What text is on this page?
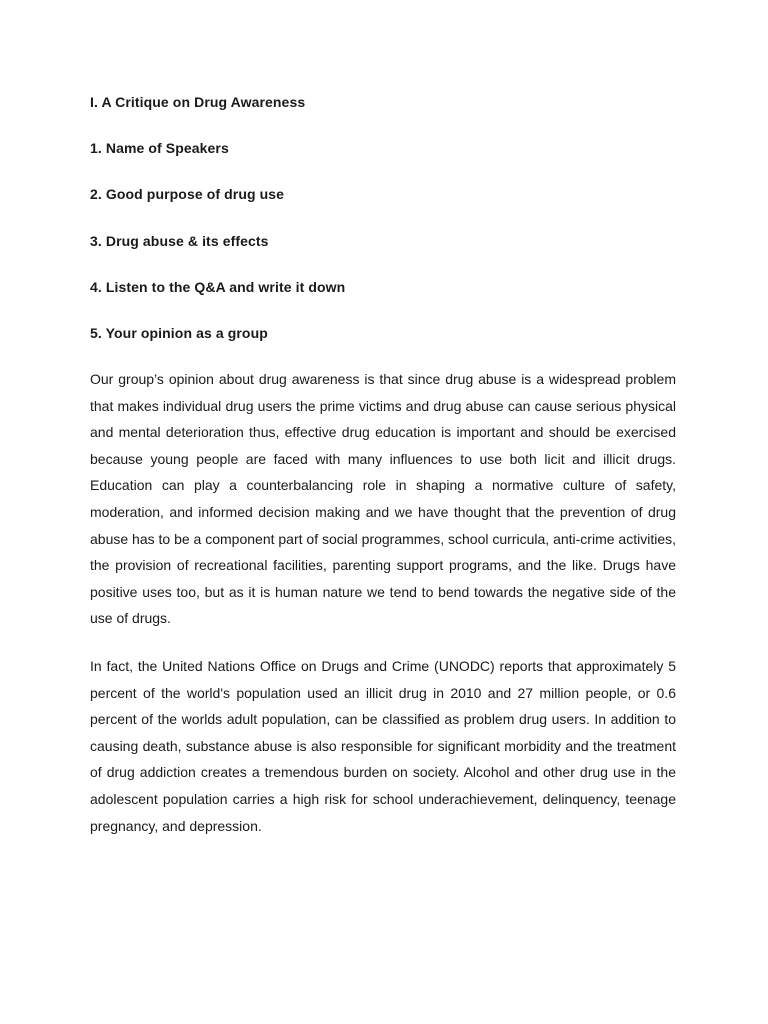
I. A Critique on Drug Awareness
1. Name of Speakers
2. Good purpose of drug use
3. Drug abuse & its effects
4. Listen to the Q&A and write it down
5. Your opinion as a group

Our group’s opinion about drug awareness is that since drug abuse is a widespread problem that makes individual drug users the prime victims and drug abuse can cause serious physical and mental deterioration thus, effective drug education is important and should be exercised because young people are faced with many influences to use both licit and illicit drugs. Education can play a counterbalancing role in shaping a normative culture of safety, moderation, and informed decision making and we have thought that the prevention of drug abuse has to be a component part of social programmes, school curricula, anti-crime activities, the provision of recreational facilities, parenting support programs, and the like. Drugs have positive uses too, but as it is human nature we tend to bend towards the negative side of the use of drugs.

In fact, the United Nations Office on Drugs and Crime (UNODC) reports that approximately 5 percent of the world's population used an illicit drug in 2010 and 27 million people, or 0.6 percent of the worlds adult population, can be classified as problem drug users. In addition to causing death, substance abuse is also responsible for significant morbidity and the treatment of drug addiction creates a tremendous burden on society. Alcohol and other drug use in the adolescent population carries a high risk for school underachievement, delinquency, teenage pregnancy, and depression.
